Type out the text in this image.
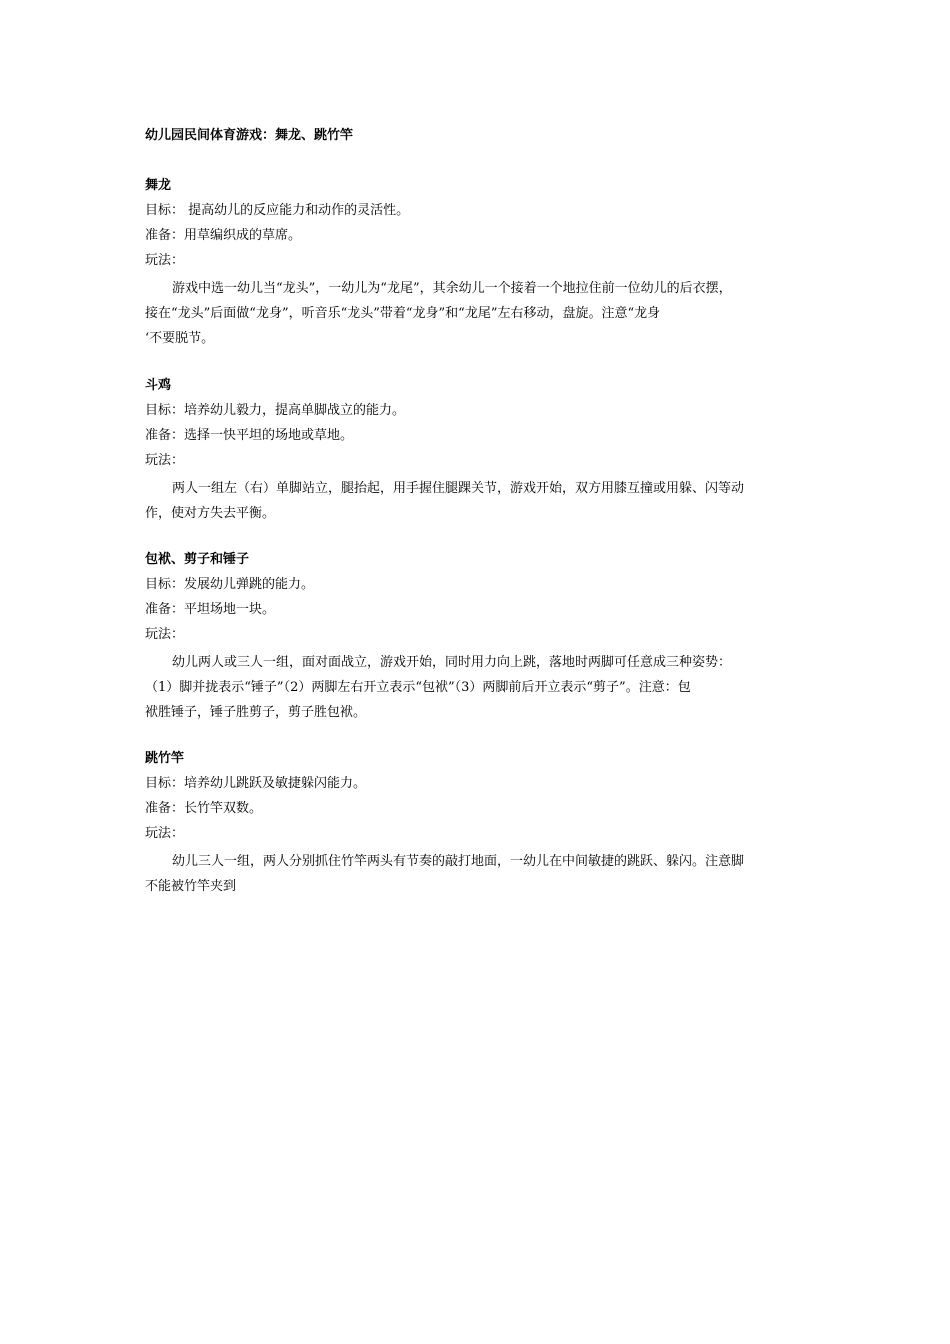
幼儿园民间体育游戏：舞龙、跳竹竿
舞龙
目标： 提高幼儿的反应能力和动作的灵活性。
准备：用草编织成的草席。
玩法：
游戏中选一幼儿当“龙头”，一幼儿为“龙尾”，其余幼儿一个接着一个地拉住前一位幼儿的后衣摆，
接在“龙头”后面做“龙身”，听音乐“龙头”带着“龙身”和“龙尾”左右移动，盘旋。注意“龙身
‘不要脱节。
斗鸡
目标：培养幼儿毅力，提高单脚战立的能力。
准备：选择一快平坦的场地或草地。
玩法：
两人一组左（右）单脚站立，腿抬起，用手握住腿踝关节，游戏开始，双方用膝互撞或用躲、闪等动
作，使对方失去平衡。
包袱、剪子和锤子
目标：发展幼儿弹跳的能力。
准备：平坦场地一块。
玩法：
幼儿两人或三人一组，面对面战立，游戏开始，同时用力向上跳，落地时两脚可任意成三种姿势：
（1）脚并拢表示“锤子”（2）两脚左右开立表示“包袱”（3）两脚前后开立表示“剪子”。注意：包
袱胜锤子，锤子胜剪子，剪子胜包袱。
跳竹竿
目标：培养幼儿跳跃及敏捷躲闪能力。
准备：长竹竿双数。
玩法：
幼儿三人一组，两人分别抓住竹竿两头有节奏的敲打地面，一幼儿在中间敏捷的跳跃、躲闪。注意脚
不能被竹竿夹到
